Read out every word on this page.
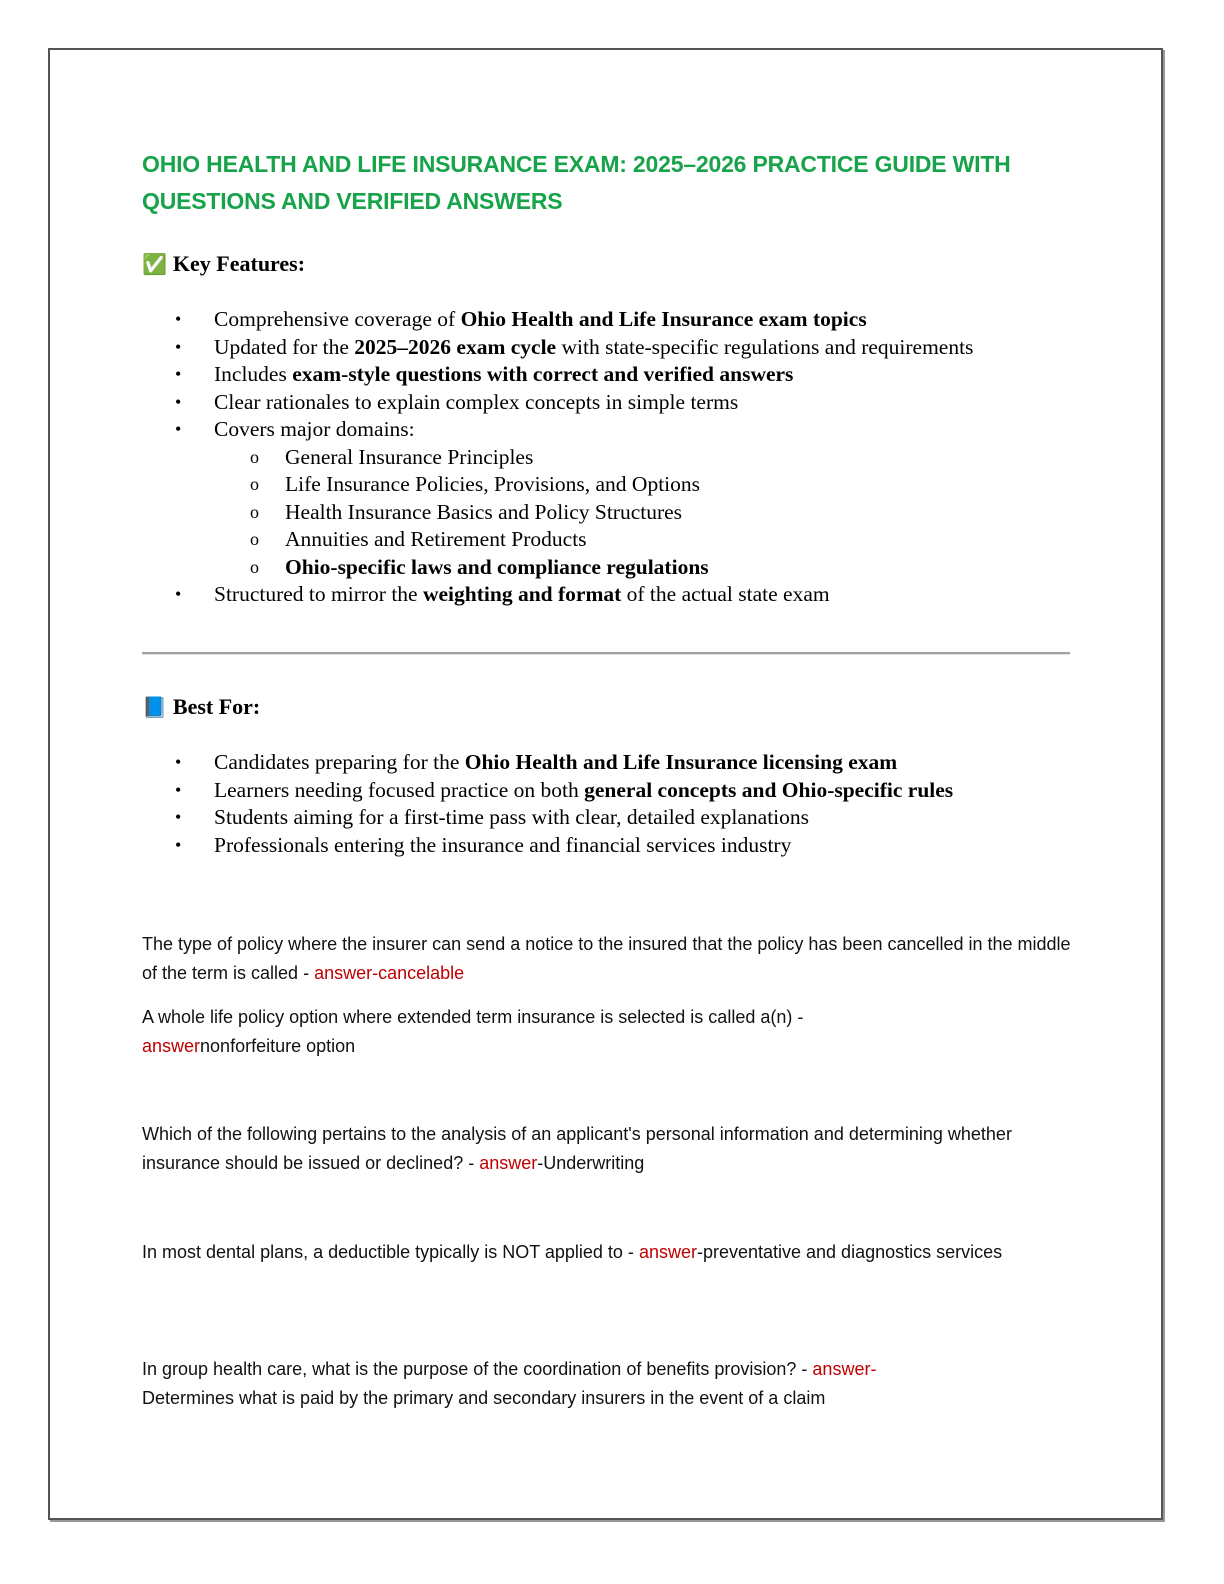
OHIO HEALTH AND LIFE INSURANCE EXAM: 2025–2026 PRACTICE GUIDE WITH QUESTIONS AND VERIFIED ANSWERS
✅ Key Features:
• Comprehensive coverage of Ohio Health and Life Insurance exam topics
• Updated for the 2025–2026 exam cycle with state-specific regulations and requirements
• Includes exam-style questions with correct and verified answers
• Clear rationales to explain complex concepts in simple terms
• Covers major domains:
o General Insurance Principles
o Life Insurance Policies, Provisions, and Options
o Health Insurance Basics and Policy Structures
o Annuities and Retirement Products
o Ohio-specific laws and compliance regulations
• Structured to mirror the weighting and format of the actual state exam
📘 Best For:
• Candidates preparing for the Ohio Health and Life Insurance licensing exam
• Learners needing focused practice on both general concepts and Ohio-specific rules
• Students aiming for a first-time pass with clear, detailed explanations
• Professionals entering the insurance and financial services industry

The type of policy where the insurer can send a notice to the insured that the policy has been cancelled in the middle of the term is called - answer-cancelable

A whole life policy option where extended term insurance is selected is called a(n) -
answernonforfeiture option

Which of the following pertains to the analysis of an applicant's personal information and determining whether insurance should be issued or declined? - answer-Underwriting

In most dental plans, a deductible typically is NOT applied to - answer-preventative and diagnostics services

In group health care, what is the purpose of the coordination of benefits provision? - answer-
Determines what is paid by the primary and secondary insurers in the event of a claim
